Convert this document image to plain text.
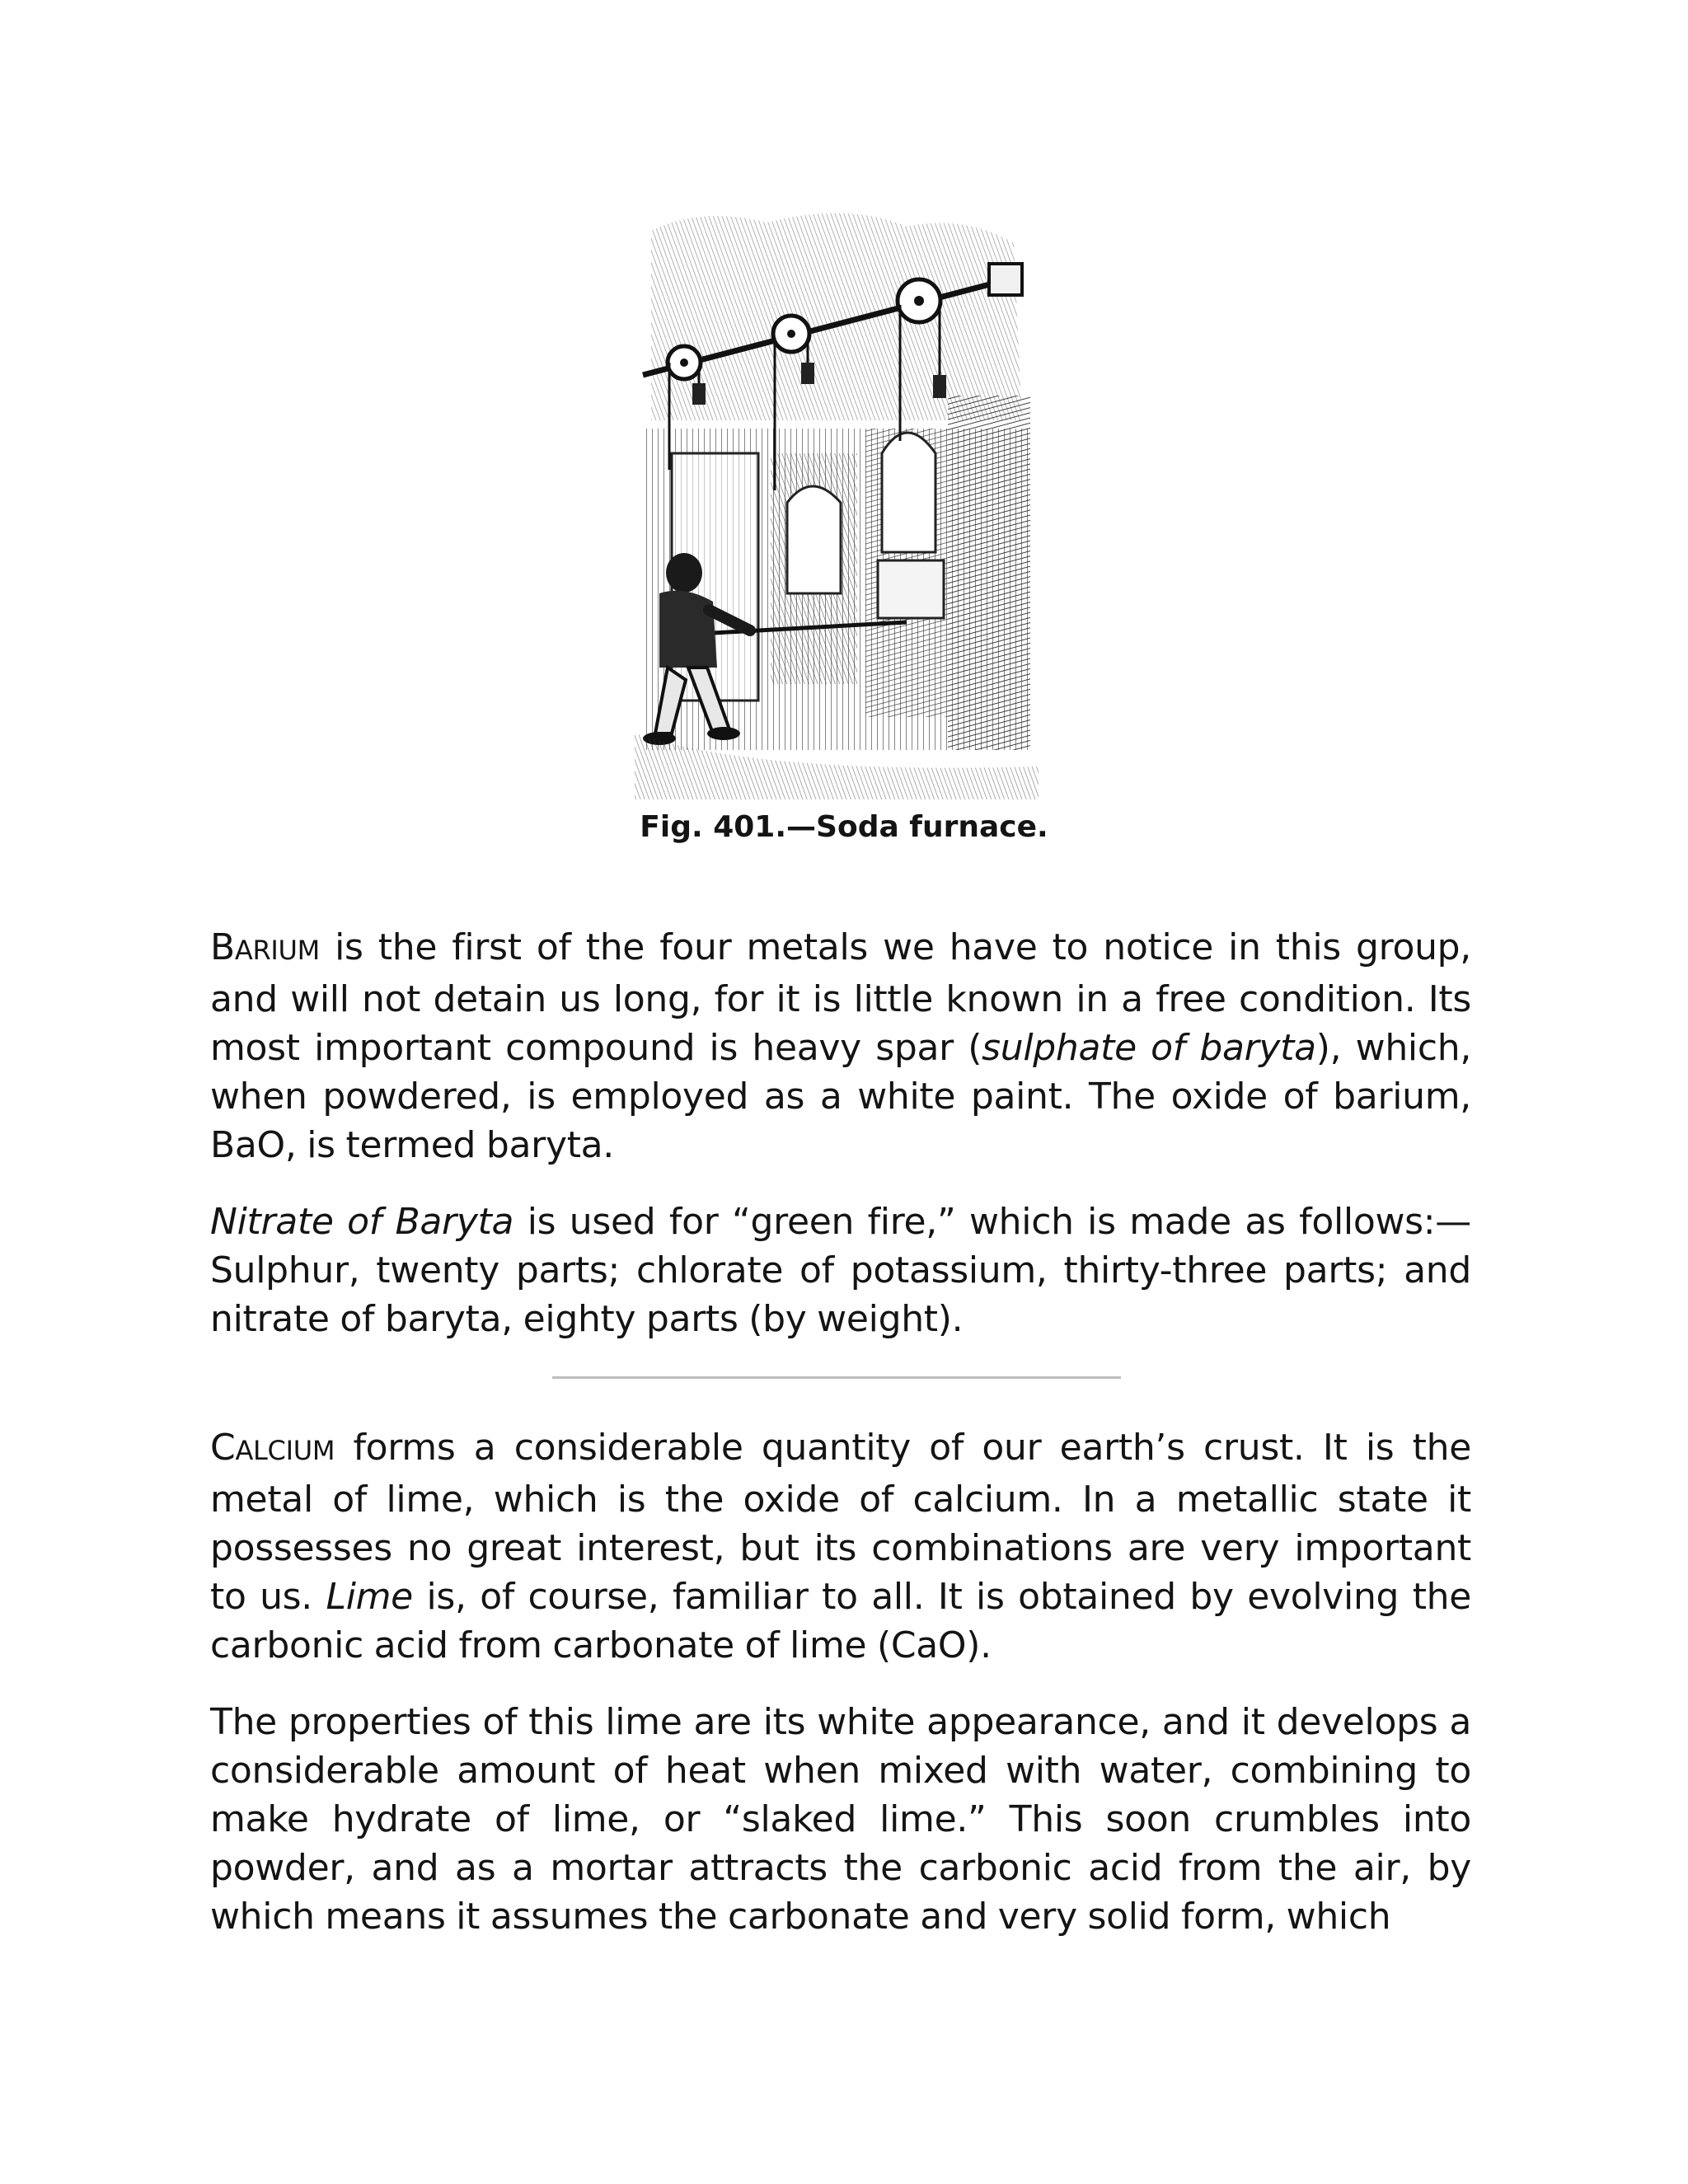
Fig. 401.—Soda furnace.

BARIUM is the first of the four metals we have to notice in this group, and will not detain us long, for it is little known in a free condition. Its most important compound is heavy spar (sulphate of baryta), which, when powdered, is employed as a white paint. The oxide of barium, BaO, is termed baryta.

Nitrate of Baryta is used for “green fire,” which is made as follows:—Sulphur, twenty parts; chlorate of potassium, thirty-three parts; and nitrate of baryta, eighty parts (by weight).

CALCIUM forms a considerable quantity of our earth’s crust. It is the metal of lime, which is the oxide of calcium. In a metallic state it possesses no great interest, but its combinations are very important to us. Lime is, of course, familiar to all. It is obtained by evolving the carbonic acid from carbonate of lime (CaO).

The properties of this lime are its white appearance, and it develops a considerable amount of heat when mixed with water, combining to make hydrate of lime, or “slaked lime.” This soon crumbles into powder, and as a mortar attracts the carbonic acid from the air, by which means it assumes the carbonate and very solid form, which
